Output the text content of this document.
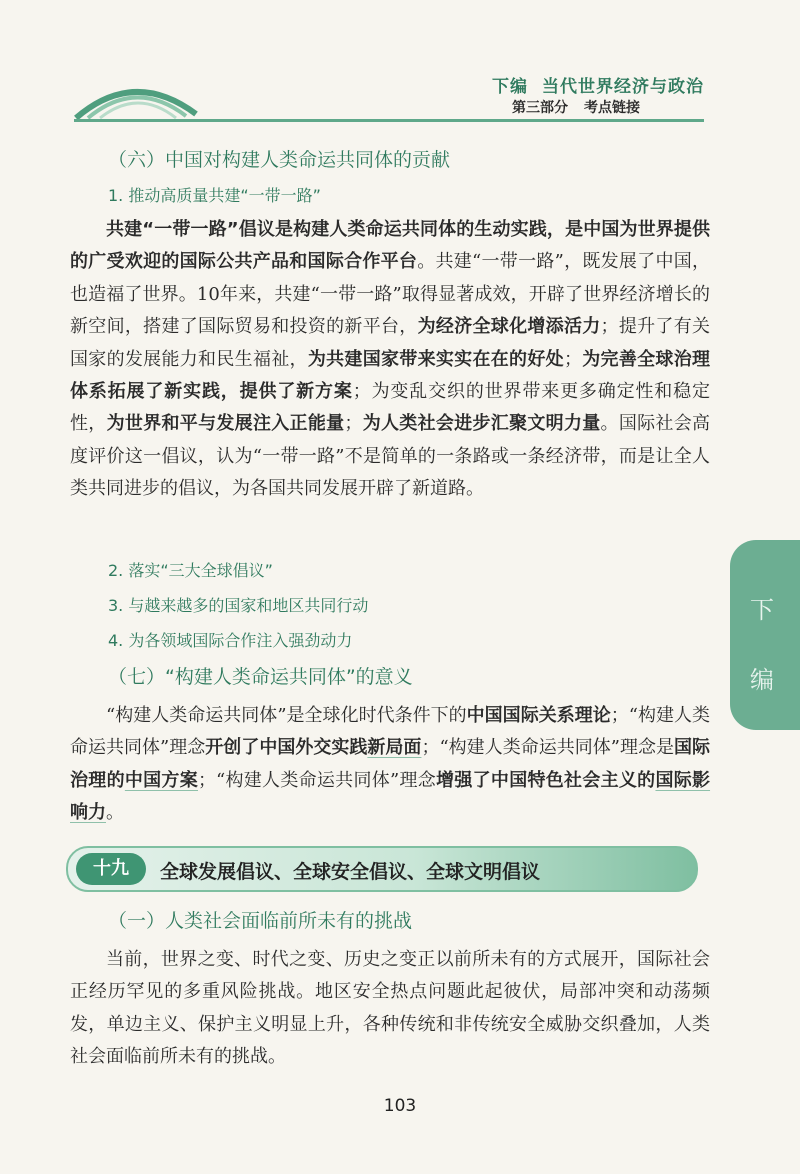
下编 当代世界经济与政治
第三部分 考点链接
下
编
（六）中国对构建人类命运共同体的贡献
1. 推动高质量共建“一带一路”
共建“一带一路”倡议是构建人类命运共同体的生动实践，是中国为世界提供的广受欢迎的国际公共产品和国际合作平台。共建“一带一路”，既发展了中国，也造福了世界。10年来，共建“一带一路”取得显著成效，开辟了世界经济增长的新空间，搭建了国际贸易和投资的新平台，为经济全球化增添活力；提升了有关国家的发展能力和民生福祉，为共建国家带来实实在在的好处；为完善全球治理体系拓展了新实践，提供了新方案；为变乱交织的世界带来更多确定性和稳定性，为世界和平与发展注入正能量；为人类社会进步汇聚文明力量。国际社会高度评价这一倡议，认为“一带一路”不是简单的一条路或一条经济带，而是让全人类共同进步的倡议，为各国共同发展开辟了新道路。
2. 落实“三大全球倡议”
3. 与越来越多的国家和地区共同行动
4. 为各领域国际合作注入强劲动力
（七）“构建人类命运共同体”的意义
“构建人类命运共同体”是全球化时代条件下的中国国际关系理论；“构建人类命运共同体”理念开创了中国外交实践新局面；“构建人类命运共同体”理念是国际治理的中国方案；“构建人类命运共同体”理念增强了中国特色社会主义的国际影响力。
十九	全球发展倡议、全球安全倡议、全球文明倡议
（一）人类社会面临前所未有的挑战
当前，世界之变、时代之变、历史之变正以前所未有的方式展开，国际社会正经历罕见的多重风险挑战。地区安全热点问题此起彼伏，局部冲突和动荡频发，单边主义、保护主义明显上升，各种传统和非传统安全威胁交织叠加，人类社会面临前所未有的挑战。
103
